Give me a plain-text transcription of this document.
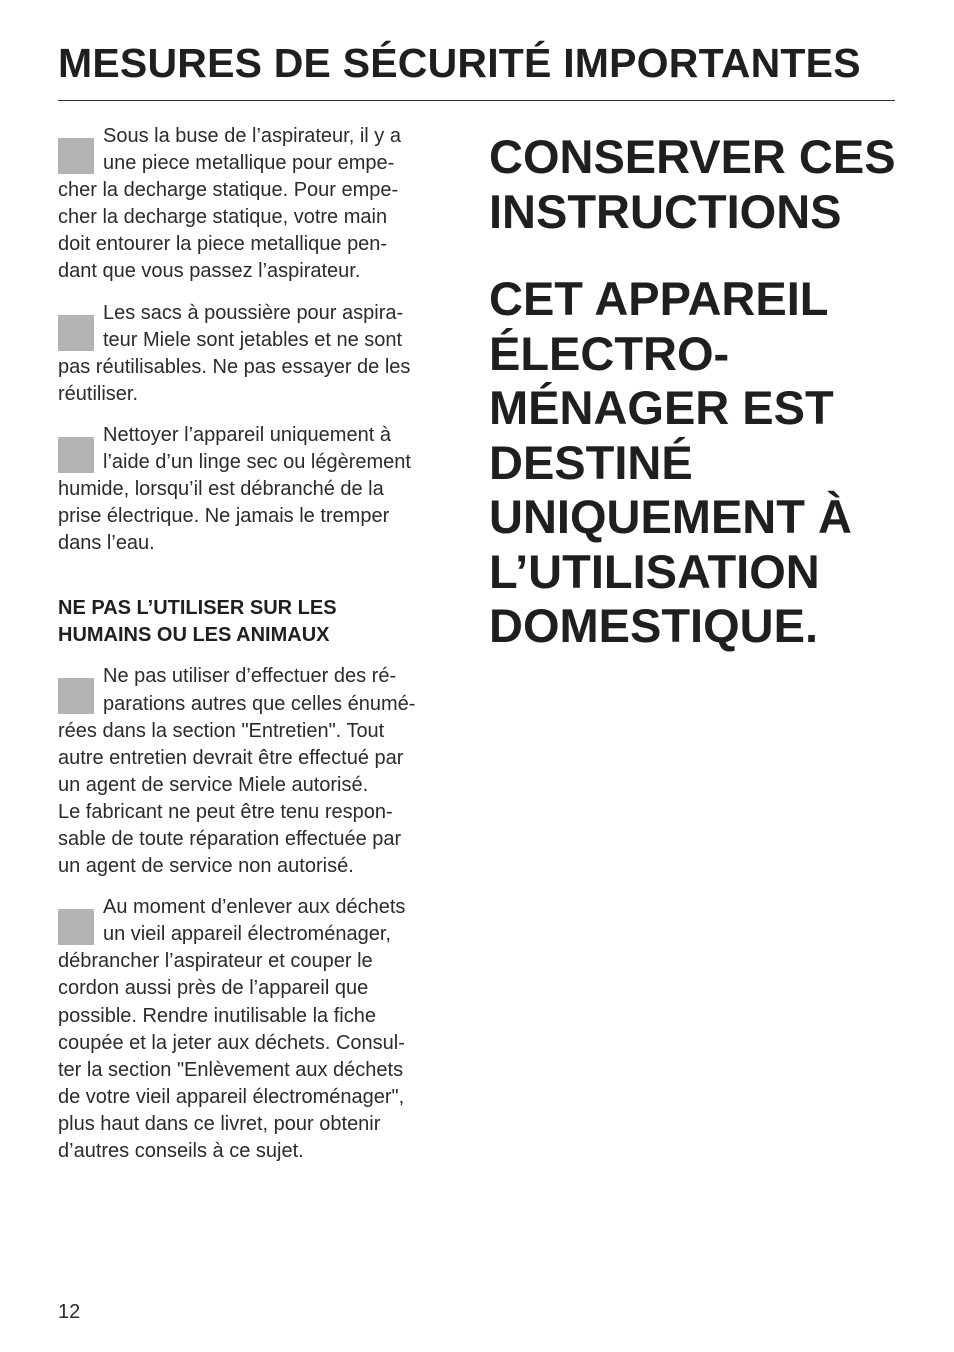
MESURES DE SÉCURITÉ IMPORTANTES
Sous la buse de l’aspirateur, il y a
une piece metallique pour empe-
cher la decharge statique. Pour empe-
cher la decharge statique, votre main
doit entourer la piece metallique pen-
dant que vous passez l’aspirateur.
Les sacs à poussière pour aspira-
teur Miele sont jetables et ne sont
pas réutilisables. Ne pas essayer de les
réutiliser.
Nettoyer l’appareil uniquement à
l’aide d’un linge sec ou légèrement
humide, lorsqu’il est débranché de la
prise électrique. Ne jamais le tremper
dans l’eau.
NE PAS L’UTILISER SUR LES
HUMAINS OU LES ANIMAUX
Ne pas utiliser d’effectuer des ré-
parations autres que celles énumé-
rées dans la section "Entretien". Tout
autre entretien devrait être effectué par
un agent de service Miele autorisé.
Le fabricant ne peut être tenu respon-
sable de toute réparation effectuée par
un agent de service non autorisé.
Au moment d’enlever aux déchets
un vieil appareil électroménager,
débrancher l’aspirateur et couper le
cordon aussi près de l’appareil que
possible. Rendre inutilisable la fiche
coupée et la jeter aux déchets. Consul-
ter la section "Enlèvement aux déchets
de votre vieil appareil électroménager",
plus haut dans ce livret, pour obtenir
d’autres conseils à ce sujet.
CONSERVER CES
INSTRUCTIONS
CET APPAREIL
ÉLECTRO-
MÉNAGER EST
DESTINÉ
UNIQUEMENT À
L’UTILISATION
DOMESTIQUE.
12
